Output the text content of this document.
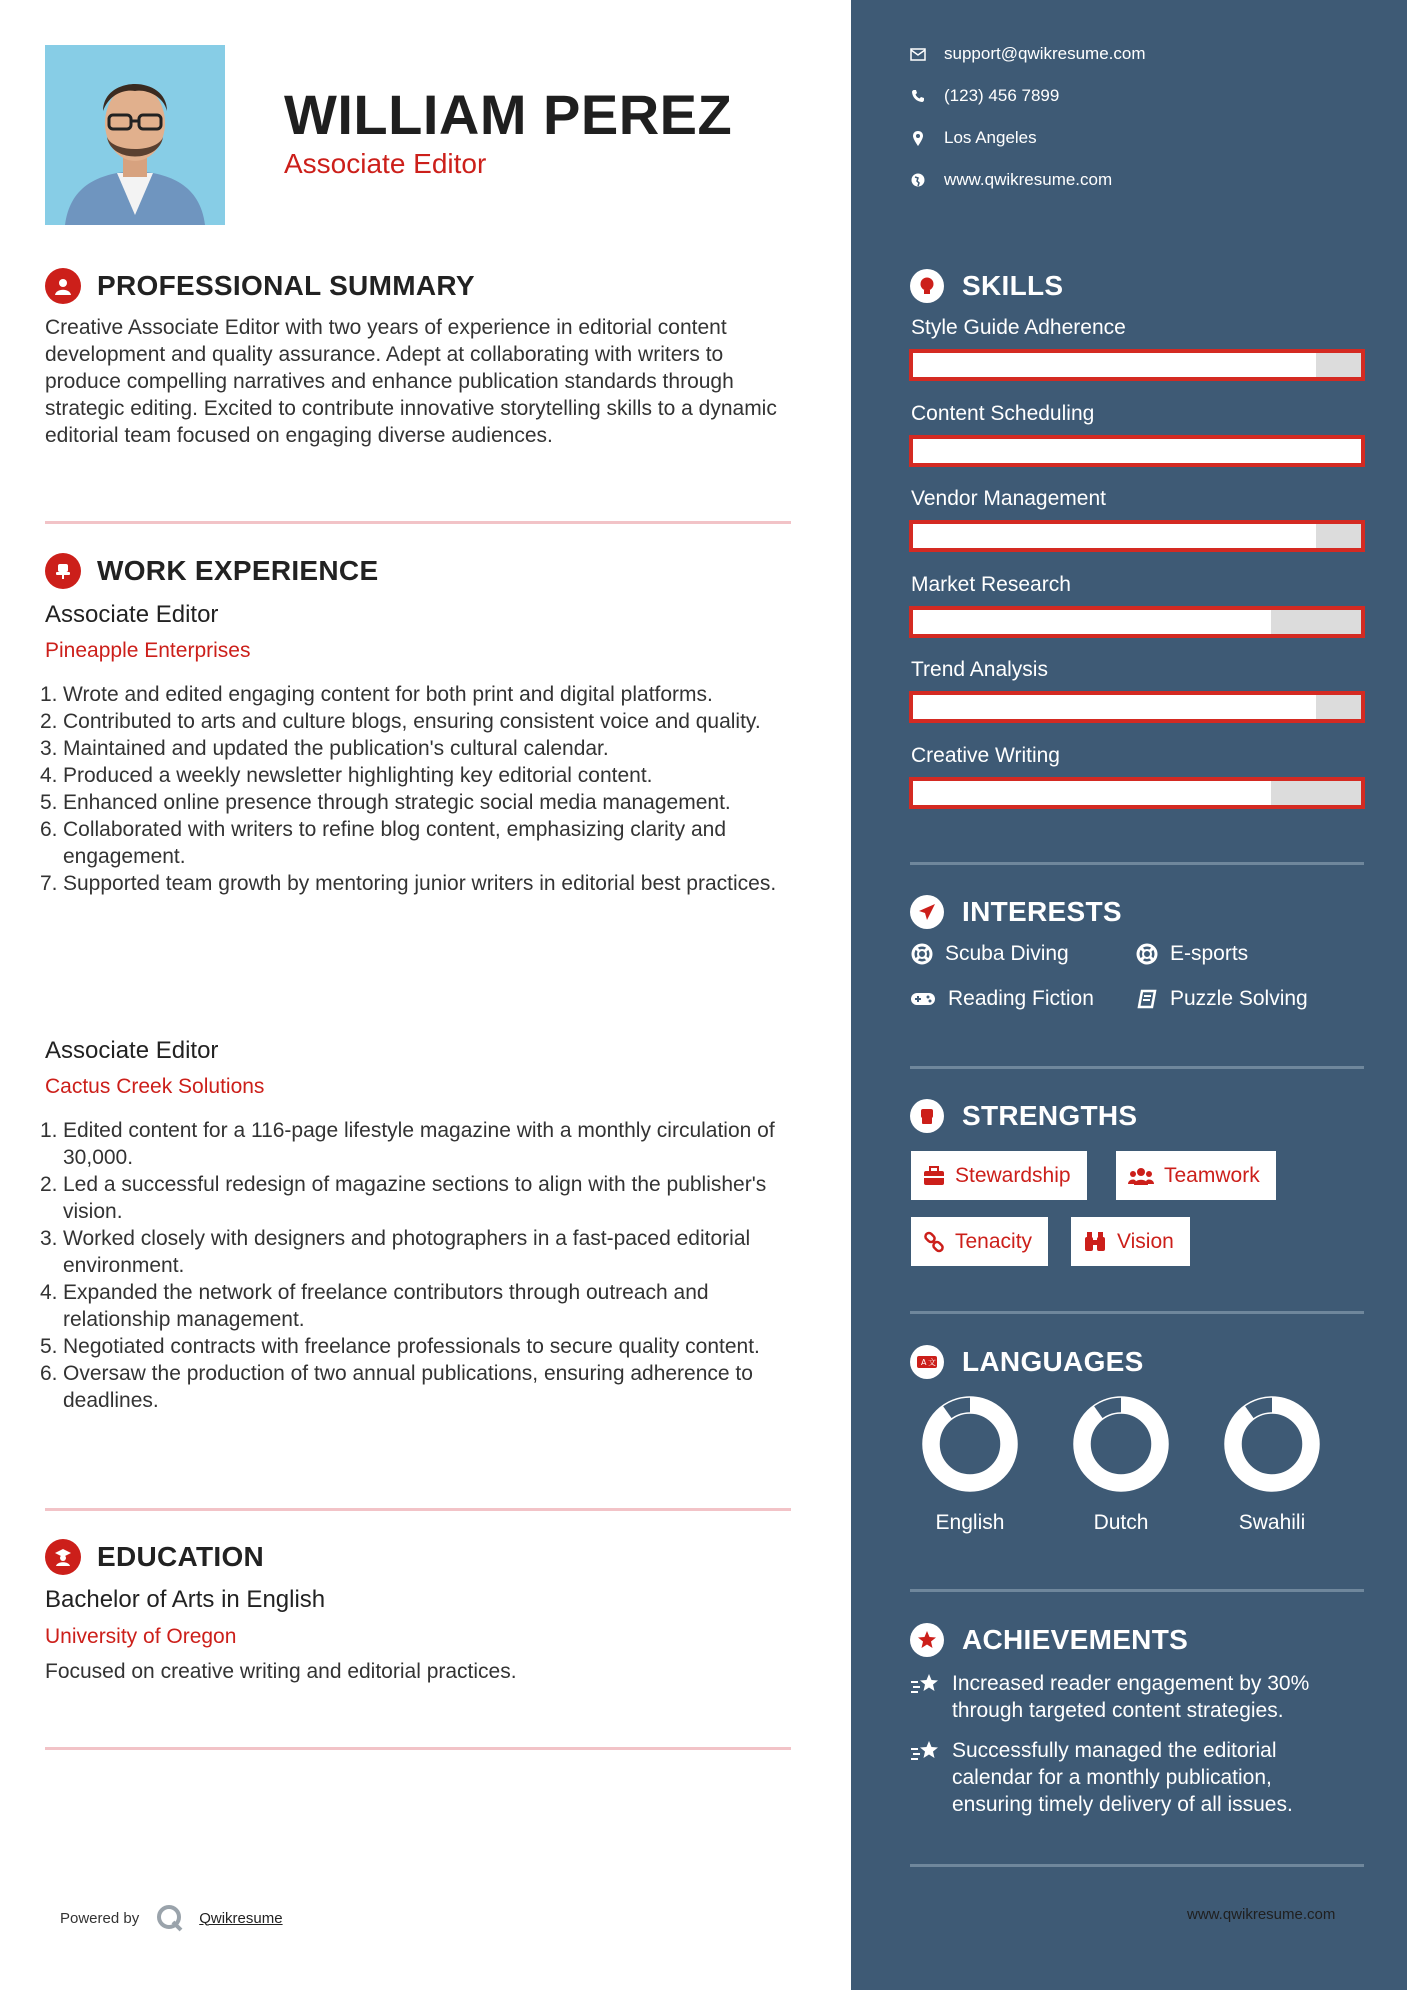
WILLIAM PEREZ
Associate Editor
PROFESSIONAL SUMMARY
Creative Associate Editor with two years of experience in editorial content development and quality assurance. Adept at collaborating with writers to produce compelling narratives and enhance publication standards through strategic editing. Excited to contribute innovative storytelling skills to a dynamic editorial team focused on engaging diverse audiences.
WORK EXPERIENCE
Associate Editor
Pineapple Enterprises
1. Wrote and edited engaging content for both print and digital platforms.
2. Contributed to arts and culture blogs, ensuring consistent voice and quality.
3. Maintained and updated the publication's cultural calendar.
4. Produced a weekly newsletter highlighting key editorial content.
5. Enhanced online presence through strategic social media management.
6. Collaborated with writers to refine blog content, emphasizing clarity and engagement.
7. Supported team growth by mentoring junior writers in editorial best practices.
Associate Editor
Cactus Creek Solutions
1. Edited content for a 116-page lifestyle magazine with a monthly circulation of 30,000.
2. Led a successful redesign of magazine sections to align with the publisher's vision.
3. Worked closely with designers and photographers in a fast-paced editorial environment.
4. Expanded the network of freelance contributors through outreach and relationship management.
5. Negotiated contracts with freelance professionals to secure quality content.
6. Oversaw the production of two annual publications, ensuring adherence to deadlines.
EDUCATION
Bachelor of Arts in English
University of Oregon
Focused on creative writing and editorial practices.
Powered by	Qwikresume
support@qwikresume.com
(123) 456 7899
Los Angeles
www.qwikresume.com
SKILLS
Style Guide Adherence
Content Scheduling
Vendor Management
Market Research
Trend Analysis
Creative Writing
INTERESTS
Scuba Diving	E-sports
Reading Fiction	Puzzle Solving
STRENGTHS
Stewardship	Teamwork
Tenacity	Vision
A 文 LANGUAGES
English	Dutch	Swahili
ACHIEVEMENTS
Increased reader engagement by 30% through targeted content strategies.
Successfully managed the editorial calendar for a monthly publication, ensuring timely delivery of all issues.
www.qwikresume.com
